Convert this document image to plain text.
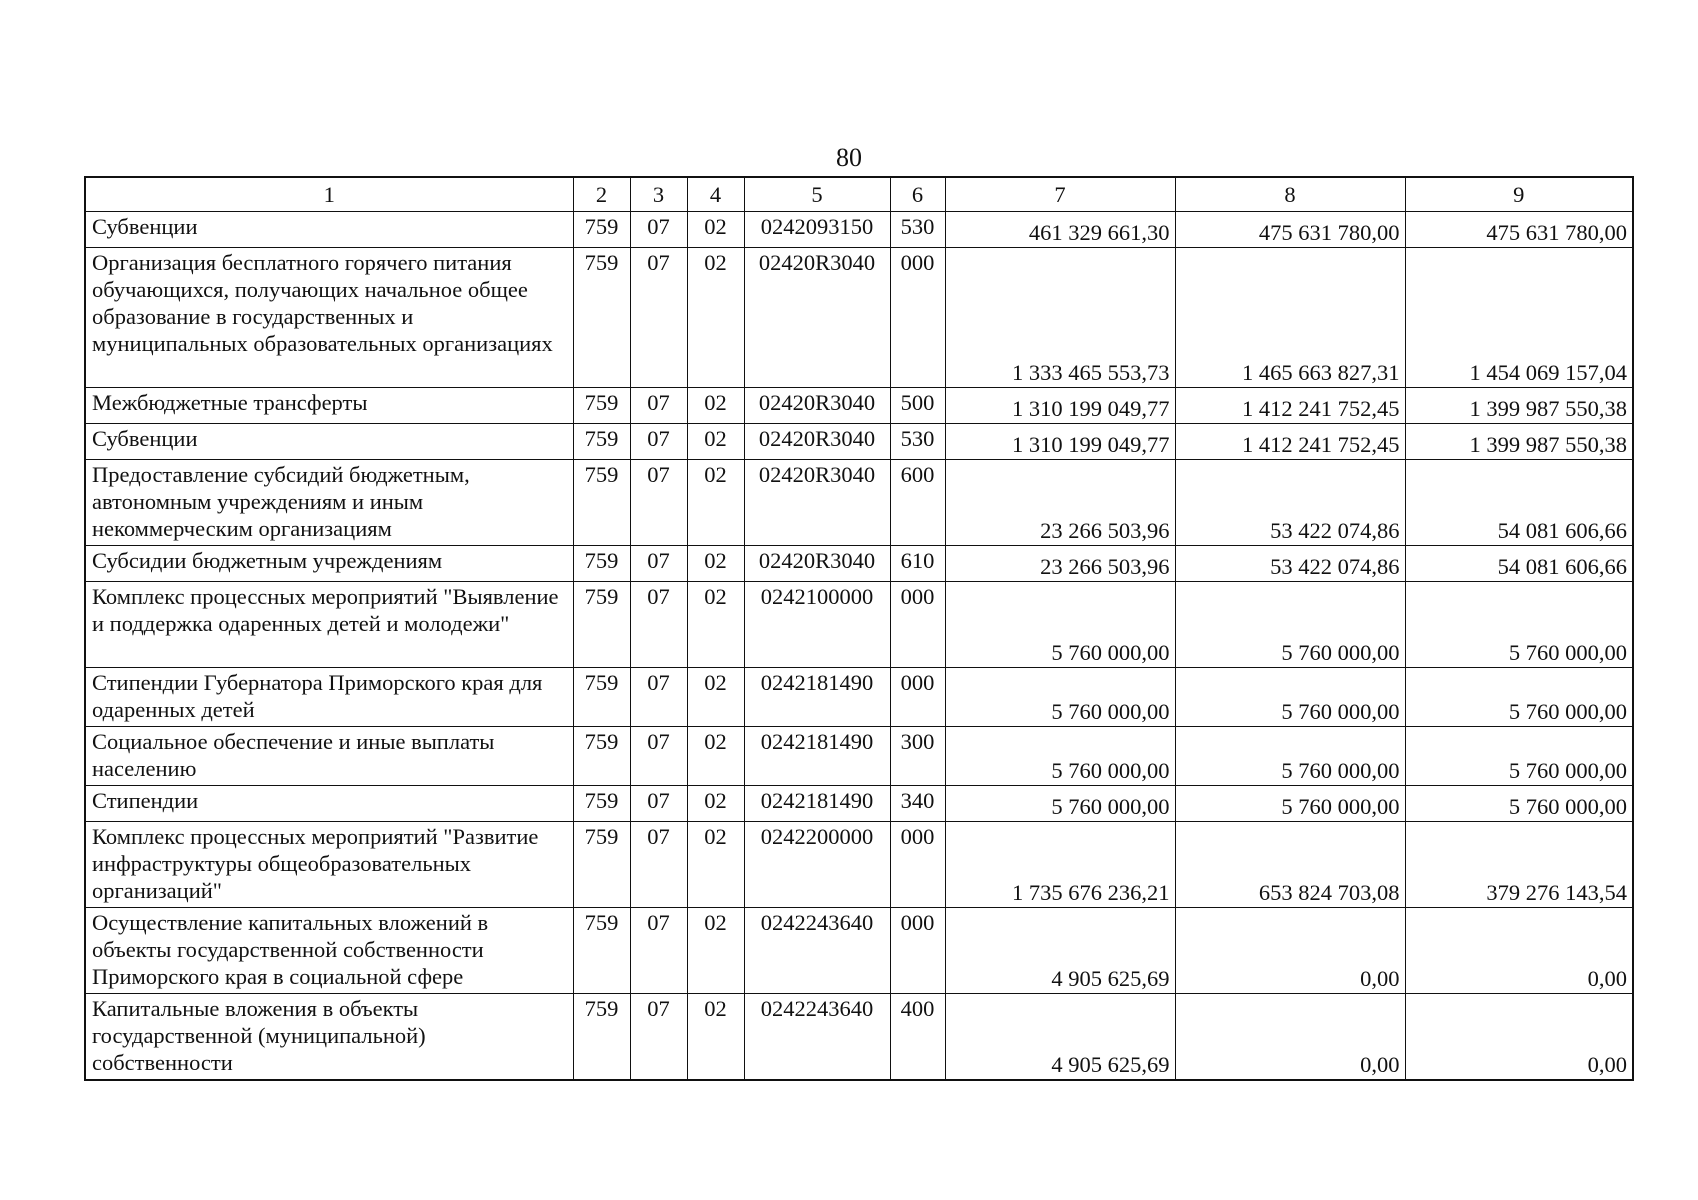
80
1	2	3	4	5	6	7	8	9
Субвенции	759	07	02	0242093150	530	461 329 661,30	475 631 780,00	475 631 780,00
Организация бесплатного горячего питания обучающихся, получающих начальное общее образование в государственных и муниципальных образовательных организациях	759	07	02	02420R3040	000	1 333 465 553,73	1 465 663 827,31	1 454 069 157,04
Межбюджетные трансферты	759	07	02	02420R3040	500	1 310 199 049,77	1 412 241 752,45	1 399 987 550,38
Субвенции	759	07	02	02420R3040	530	1 310 199 049,77	1 412 241 752,45	1 399 987 550,38
Предоставление субсидий бюджетным, автономным учреждениям и иным некоммерческим организациям	759	07	02	02420R3040	600	23 266 503,96	53 422 074,86	54 081 606,66
Субсидии бюджетным учреждениям	759	07	02	02420R3040	610	23 266 503,96	53 422 074,86	54 081 606,66
Комплекс процессных мероприятий "Выявление и поддержка одаренных детей и молодежи"	759	07	02	0242100000	000	5 760 000,00	5 760 000,00	5 760 000,00
Стипендии Губернатора Приморского края для одаренных детей	759	07	02	0242181490	000	5 760 000,00	5 760 000,00	5 760 000,00
Социальное обеспечение и иные выплаты населению	759	07	02	0242181490	300	5 760 000,00	5 760 000,00	5 760 000,00
Стипендии	759	07	02	0242181490	340	5 760 000,00	5 760 000,00	5 760 000,00
Комплекс процессных мероприятий "Развитие инфраструктуры общеобразовательных организаций"	759	07	02	0242200000	000	1 735 676 236,21	653 824 703,08	379 276 143,54
Осуществление капитальных вложений в объекты государственной собственности Приморского края в социальной сфере	759	07	02	0242243640	000	4 905 625,69	0,00	0,00
Капитальные вложения в объекты государственной (муниципальной) собственности	759	07	02	0242243640	400	4 905 625,69	0,00	0,00
